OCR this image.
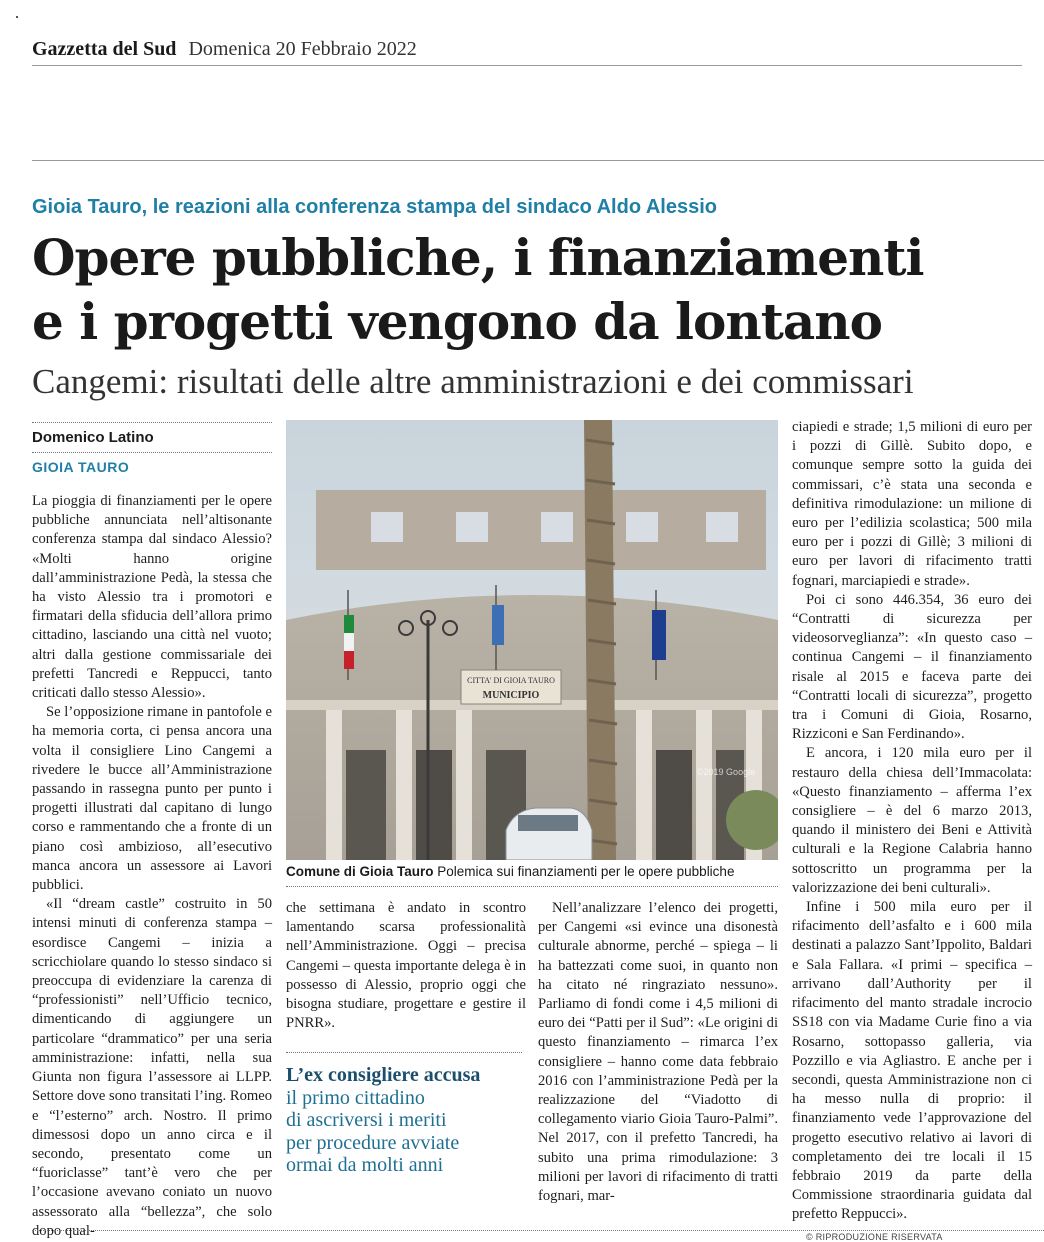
Gazzetta del Sud Domenica 20 Febbraio 2022
Gioia Tauro, le reazioni alla conferenza stampa del sindaco Aldo Alessio
Opere pubbliche, i finanziamenti
e i progetti vengono da lontano
Cangemi: risultati delle altre amministrazioni e dei commissari
Domenico Latino
GIOIA TAURO

La pioggia di finanziamenti per le opere pubbliche annunciata nell’altisonante conferenza stampa dal sindaco Alessio? «Molti hanno origine dall’amministrazione Pedà, la stessa che ha visto Alessio tra i promotori e firmatari della sfiducia dell’allora primo cittadino, lasciando una città nel vuoto; altri dalla gestione commissariale dei prefetti Tancredi e Reppucci, tanto criticati dallo stesso Alessio».

Se l’opposizione rimane in pantofole e ha memoria corta, ci pensa ancora una volta il consigliere Lino Cangemi a rivedere le bucce all’Amministrazione passando in rassegna punto per punto i progetti illustrati dal capitano di lungo corso e rammentando che a fronte di un piano così ambizioso, all’esecutivo manca ancora un assessore ai Lavori pubblici.

«Il “dream castle” costruito in 50 intensi minuti di conferenza stampa – esordisce Cangemi – inizia a scricchiolare quando lo stesso sindaco si preoccupa di evidenziare la carenza di “professionisti” nell’Ufficio tecnico, dimenticando di aggiungere un particolare “drammatico” per una seria amministrazione: infatti, nella sua Giunta non figura l’assessore ai LLPP. Settore dove sono transitati l’ing. Romeo e “l’esterno” arch. Nostro. Il primo dimessosi dopo un anno circa e il secondo, presentato come un “fuoriclasse” tant’è vero che per l’occasione avevano coniato un nuovo assessorato alla “bellezza”, che solo dopo qual-

CITTA' DI GIOIA TAURO
MUNICIPIO
©2019 Google
Comune di Gioia Tauro Polemica sui finanziamenti per le opere pubbliche

che settimana è andato in scontro lamentando scarsa professionalità nell’Amministrazione. Oggi – precisa Cangemi – questa importante delega è in possesso di Alessio, proprio oggi che bisogna studiare, progettare e gestire il PNRR».

L’ex consigliere accusa
il primo cittadino
di ascriversi i meriti
per procedure avviate
ormai da molti anni

Nell’analizzare l’elenco dei progetti, per Cangemi «si evince una disonestà culturale abnorme, perché – spiega – li ha battezzati come suoi, in quanto non ha citato né ringraziato nessuno». Parliamo di fondi come i 4,5 milioni di euro dei “Patti per il Sud”: «Le origini di questo finanziamento – rimarca l’ex consigliere – hanno come data febbraio 2016 con l’amministrazione Pedà per la realizzazione del “Viadotto di collegamento viario Gioia Tauro-Palmi”. Nel 2017, con il prefetto Tancredi, ha subito una prima rimodulazione: 3 milioni per lavori di rifacimento di tratti fognari, mar-

ciapiedi e strade; 1,5 milioni di euro per i pozzi di Gillè. Subito dopo, e comunque sempre sotto la guida dei commissari, c’è stata una seconda e definitiva rimodulazione: un milione di euro per l’edilizia scolastica; 500 mila euro per i pozzi di Gillè; 3 milioni di euro per lavori di rifacimento tratti fognari, marciapiedi e strade».

Poi ci sono 446.354, 36 euro dei “Contratti di sicurezza per videosorveglianza”: «In questo caso – continua Cangemi – il finanziamento risale al 2015 e faceva parte dei “Contratti locali di sicurezza”, progetto tra i Comuni di Gioia, Rosarno, Rizziconi e San Ferdinando».

E ancora, i 120 mila euro per il restauro della chiesa dell’Immacolata: «Questo finanziamento – afferma l’ex consigliere – è del 6 marzo 2013, quando il ministero dei Beni e Attività culturali e la Regione Calabria hanno sottoscritto un programma per la valorizzazione dei beni culturali».

Infine i 500 mila euro per il rifacimento dell’asfalto e i 600 mila destinati a palazzo Sant’Ippolito, Baldari e Sala Fallara. «I primi – specifica – arrivano dall’Authority per il rifacimento del manto stradale incrocio SS18 con via Madame Curie fino a via Rosarno, sottopasso galleria, via Pozzillo e via Agliastro. E anche per i secondi, questa Amministrazione non ci ha messo nulla di proprio: il finanziamento vede l’approvazione del progetto esecutivo relativo ai lavori di completamento dei tre locali il 15 febbraio 2019 da parte della Commissione straordinaria guidata dal prefetto Reppucci».

© RIPRODUZIONE RISERVATA
